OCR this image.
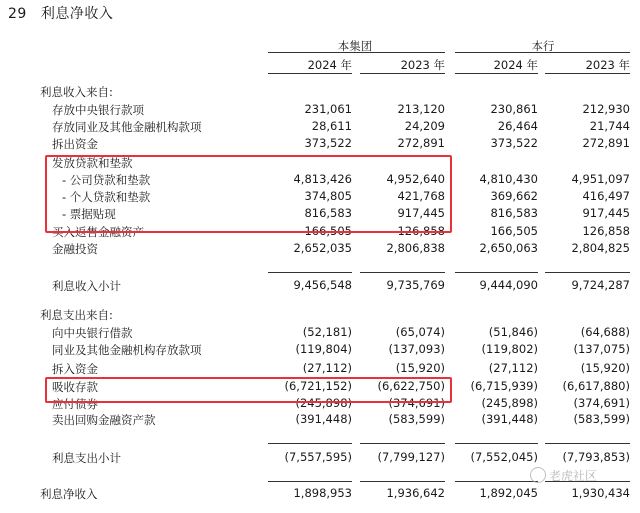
29 利息净收入
本集团	本行
2024 年	2023 年	2024 年	2023 年
利息收入来自:
存放中央银行款项	231,061	213,120	230,861	212,930
存放同业及其他金融机构款项	28,611	24,209	26,464	21,744
拆出资金	373,522	272,891	373,522	272,891
发放贷款和垫款
- 公司贷款和垫款	4,813,426	4,952,640	4,810,430	4,951,097
- 个人贷款和垫款	374,805	421,768	369,662	416,497
- 票据贴现	816,583	917,445	816,583	917,445
买入返售金融资产	166,505	126,858	166,505	126,858
金融投资	2,652,035	2,806,838	2,650,063	2,804,825
利息收入小计	9,456,548	9,735,769	9,444,090	9,724,287
利息支出来自:
向中央银行借款	(52,181)	(65,074)	(51,846)	(64,688)
同业及其他金融机构存放款项	(119,804)	(137,093)	(119,802)	(137,075)
拆入资金	(27,112)	(15,920)	(27,112)	(15,920)
吸收存款	(6,721,152)	(6,622,750)	(6,715,939)	(6,617,880)
应付债券	(245,898)	(374,691)	(245,898)	(374,691)
卖出回购金融资产款	(391,448)	(583,599)	(391,448)	(583,599)
利息支出小计	(7,557,595)	(7,799,127)	(7,552,045)	(7,793,853)
利息净收入	1,898,953	1,936,642	1,892,045	1,930,434
老虎社区
